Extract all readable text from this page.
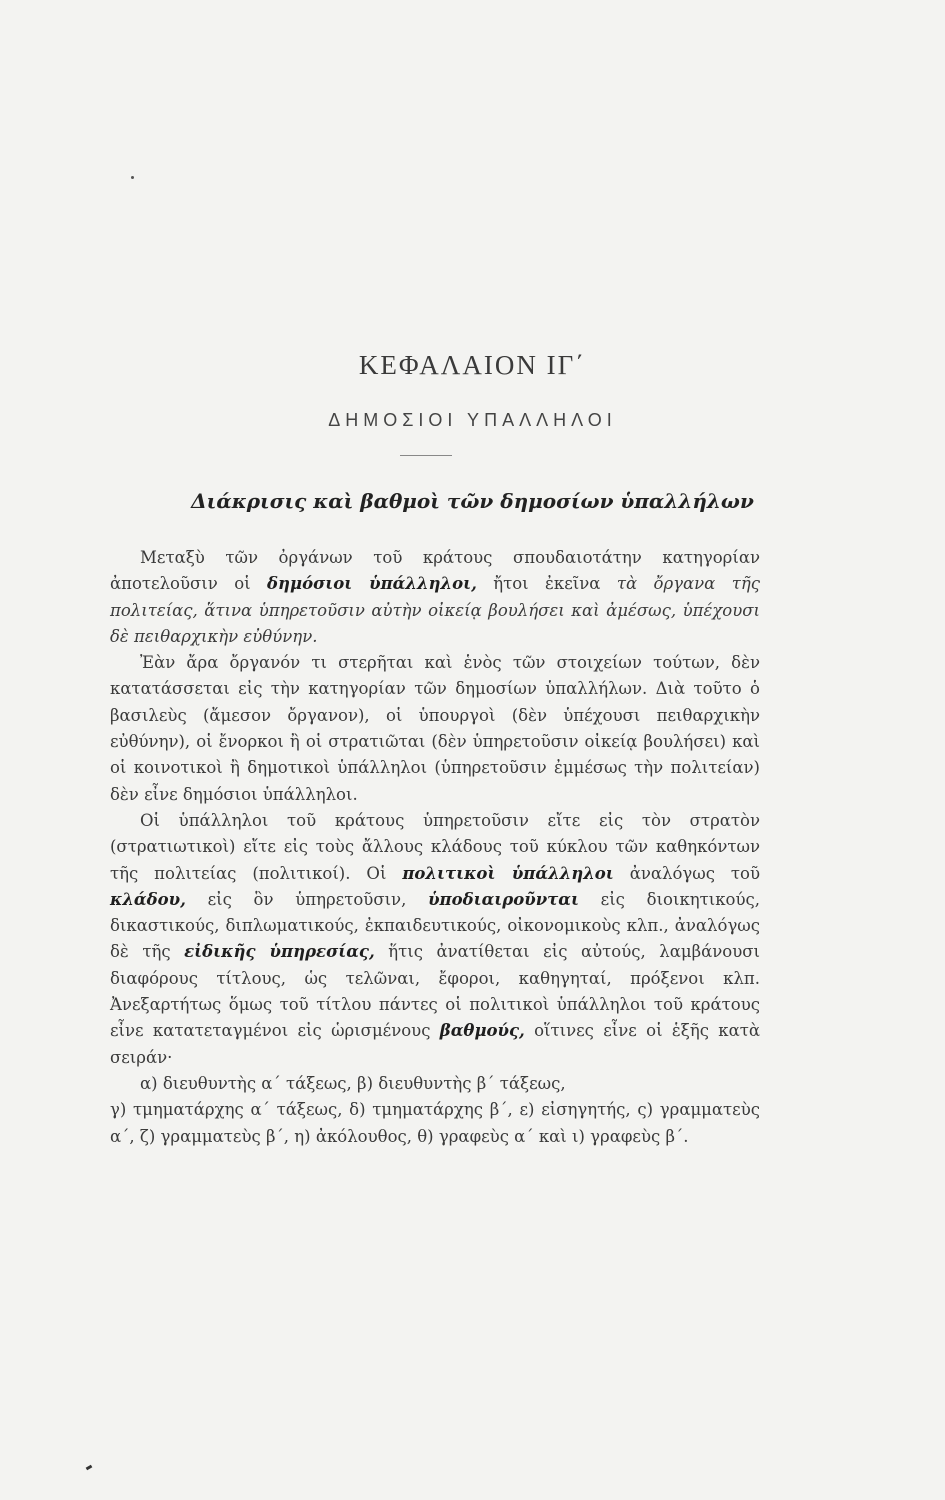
ΚΕΦΑΛΑΙΟΝ ΙΓ΄
ΔΗΜΟΣΙΟΙ ΥΠΑΛΛΗΛΟΙ
Διάκρισις καὶ βαθμοὶ τῶν δημοσίων ὑπαλλήλων

Μεταξὺ τῶν ὀργάνων τοῦ κράτους σπουδαιοτάτην κατηγορίαν ἀποτελοῦσιν οἱ δημόσιοι ὑπάλληλοι, ἤτοι ἐκεῖνα τὰ ὄργανα τῆς πολιτείας, ἅτινα ὑπηρετοῦσιν αὐτὴν οἰκείᾳ βουλήσει καὶ ἀμέσως, ὑπέχουσι δὲ πειθαρχικὴν εὐθύνην.

Ἐὰν ἄρα ὄργανόν τι στερῆται καὶ ἑνὸς τῶν στοιχείων τούτων, δὲν κατατάσσεται εἰς τὴν κατηγορίαν τῶν δημοσίων ὑπαλλήλων. Διὰ τοῦτο ὁ βασιλεὺς (ἄμεσον ὄργανον), οἱ ὑπουργοὶ (δὲν ὑπέχουσι πειθαρχικὴν εὐθύνην), οἱ ἔνορκοι ἢ οἱ στρατιῶται (δὲν ὑπηρετοῦσιν οἰκείᾳ βουλήσει) καὶ οἱ κοινοτικοὶ ἢ δημοτικοὶ ὑπάλληλοι (ὑπηρετοῦσιν ἐμμέσως τὴν πολιτείαν) δὲν εἶνε δημόσιοι ὑπάλληλοι.

Οἱ ὑπάλληλοι τοῦ κράτους ὑπηρετοῦσιν εἴτε εἰς τὸν στρατὸν (στρατιωτικοὶ) εἴτε εἰς τοὺς ἄλλους κλάδους τοῦ κύκλου τῶν καθηκόντων τῆς πολιτείας (πολιτικοί). Οἱ πολιτικοὶ ὑπάλληλοι ἀναλόγως τοῦ κλάδου, εἰς ὃν ὑπηρετοῦσιν, ὑποδιαιροῦνται εἰς διοικητικούς, δικαστικούς, διπλωματικούς, ἐκπαιδευτικούς, οἰκονομικοὺς κλπ., ἀναλόγως δὲ τῆς εἰδικῆς ὑπηρεσίας, ἥτις ἀνατίθεται εἰς αὐτούς, λαμβάνουσι διαφόρους τίτλους, ὡς τελῶναι, ἔφοροι, καθηγηταί, πρόξενοι κλπ. Ἀνεξαρτήτως ὅμως τοῦ τίτλου πάντες οἱ πολιτικοὶ ὑπάλληλοι τοῦ κράτους εἶνε κατατεταγμένοι εἰς ὡρισμένους βαθμούς, οἵτινες εἶνε οἱ ἑξῆς κατὰ σειράν·

α) διευθυντὴς α΄ τάξεως, β) διευθυντὴς β΄ τάξεως,
γ) τμηματάρχης α΄ τάξεως, δ) τμηματάρχης β΄, ε) εἰσηγητής, ς) γραμματεὺς α΄, ζ) γραμματεὺς β΄, η) ἀκόλουθος, θ) γραφεὺς α΄ καὶ ι) γραφεὺς β΄.
